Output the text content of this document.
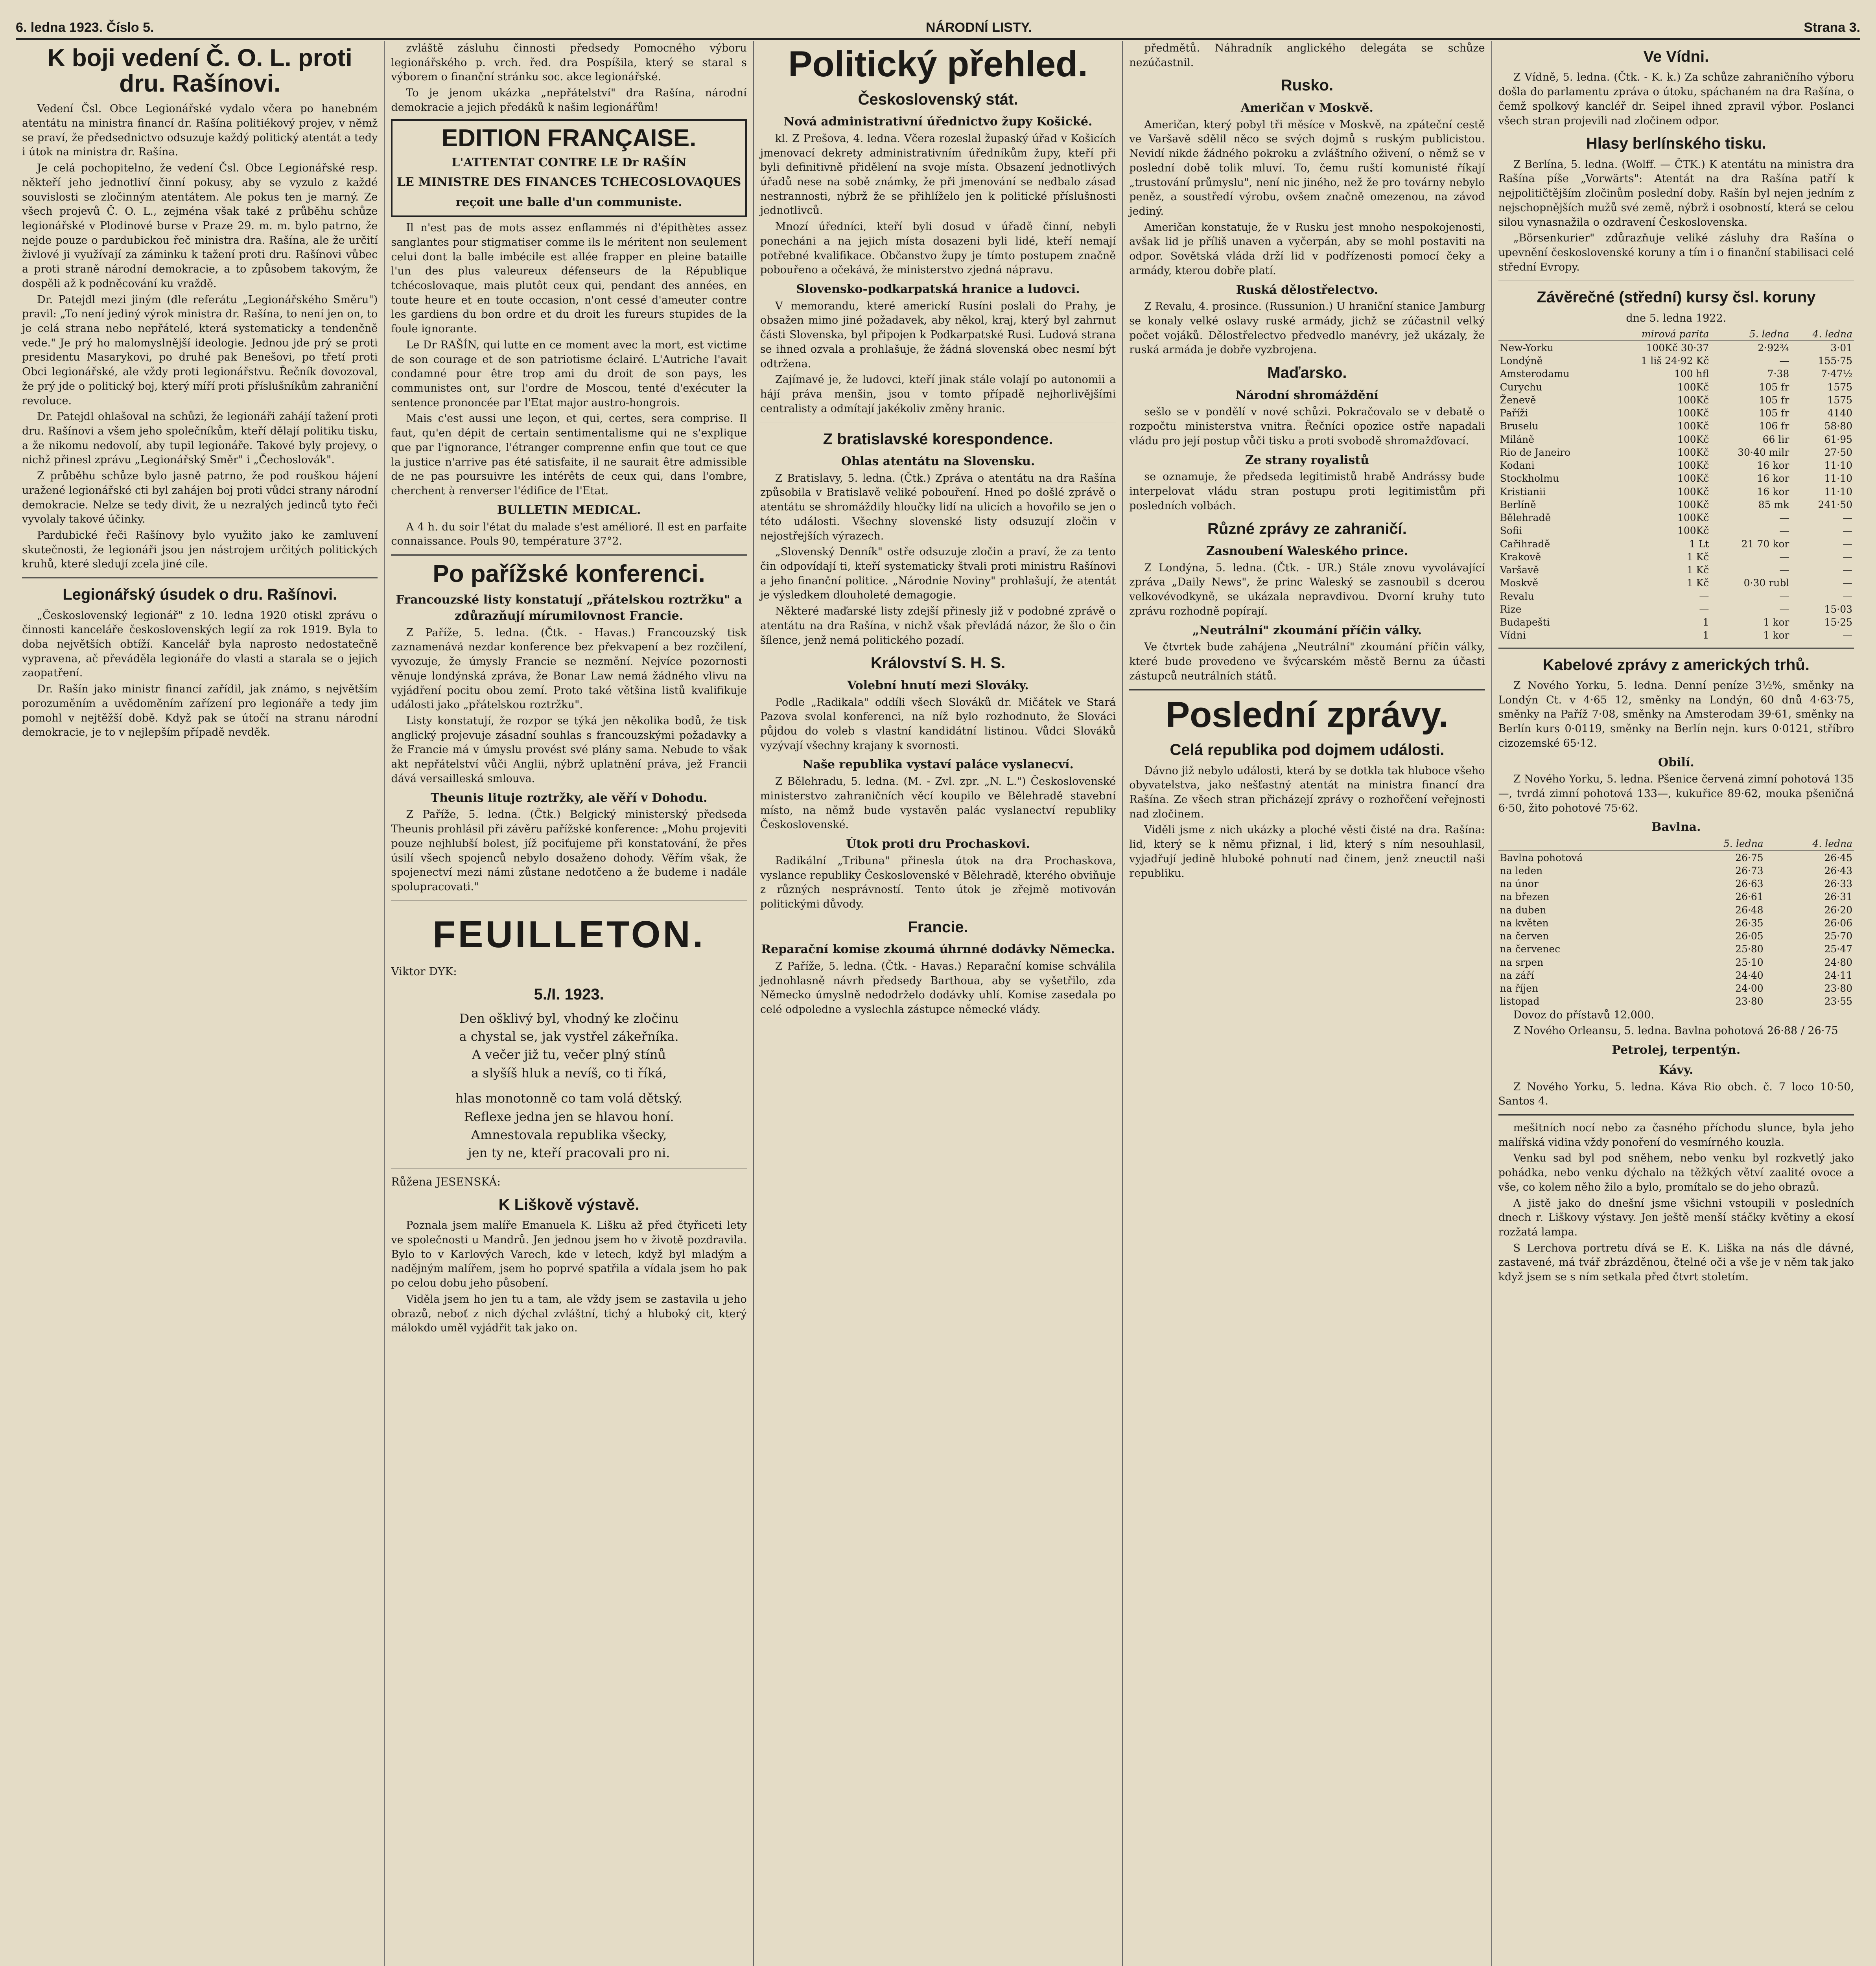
6. ledna 1923. Číslo 5.	NÁRODNÍ LISTY.	Strana 3.
K boji vedení Č. O. L. proti dru. Rašínovi.

Vedení Čsl. Obce Legionářské vydalo včera po hanebném atentátu na ministra financí dr. Rašína politiékový projev, v němž se praví, že předsednictvo odsuzuje každý politický atentát a tedy i útok na ministra dr. Rašína.

Je celá pochopitelno, že vedení Čsl. Obce Legionářské resp. někteří jeho jednotliví činní pokusy, aby se vyzulo z každé souvislosti se zločinným atentátem. Ale pokus ten je marný. Ze všech projevů Č. O. L., zejména však také z průběhu schůze legionářské v Plodinové burse v Praze 29. m. m. bylo patrno, že nejde pouze o pardubickou řeč ministra dra. Rašína, ale že určití živlové ji využívají za záminku k tažení proti dru. Rašínovi vůbec a proti straně národní demokracie, a to způsobem takovým, že dospěli až k podněcování ku vraždě.

Dr. Patejdl mezi jiným (dle referátu „Legionářského Směru") pravil: „To není jediný výrok ministra dr. Rašína, to není jen on, to je celá strana nebo nepřátelé, která systematicky a tendenčně vede." Je prý ho malomyslnější ideologie. Jednou jde prý se proti presidentu Masarykovi, po druhé pak Benešovi, po třetí proti Obci legionářské, ale vždy proti legionářstvu. Řečník dovozoval, že prý jde o politický boj, který míří proti příslušníkům zahraniční revoluce.

Dr. Patejdl ohlašoval na schůzi, že legionáři zahájí tažení proti dru. Rašínovi a všem jeho společníkům, kteří dělají politiku tisku, a že nikomu nedovolí, aby tupil legionáře. Takové byly projevy, o nichž přinesl zprávu „Legionářský Směr" i „Čechoslovák".

Z průběhu schůze bylo jasně patrno, že pod rouškou hájení uražené legionářské cti byl zahájen boj proti vůdci strany národní demokracie. Nelze se tedy divit, že u nezralých jedinců tyto řeči vyvolaly takové účinky.

Pardubické řeči Rašínovy bylo využito jako ke zamluvení skutečnosti, že legionáři jsou jen nástrojem určitých politických kruhů, které sledují zcela jiné cíle.

Legionářský úsudek o dru. Rašínovi.

„Československý legionář" z 10. ledna 1920 otiskl zprávu o činnosti kanceláře československých legií za rok 1919. Byla to doba největších obtíží. Kancelář byla naprosto nedostatečně vypravena, ač převáděla legionáře do vlasti a starala se o jejich zaopatření.

Dr. Rašín jako ministr financí zařídil, jak známo, s největším porozuměním a uvědoměním zařízení pro legionáře a tedy jim pomohl v nejtěžší době. Když pak se útočí na stranu národní demokracie, je to v nejlepším případě nevděk.

zvláště zásluhu činnosti předsedy Pomocného výboru legionářského p. vrch. řed. dra Pospíšila, který se staral s výborem o finanční stránku soc. akce legionářské.

To je jenom ukázka „nepřátelství" dra Rašína, národní demokracie a jejich předáků k našim legionářům!

EDITION FRANÇAISE.
L'ATTENTAT CONTRE LE Dr RAŠÍN
LE MINISTRE DES FINANCES TCHECOSLOVAQUES
reçoit une balle d'un communiste.

Il n'est pas de mots assez enflammés ni d'épithètes assez sanglantes pour stigmatiser comme ils le méritent non seulement celui dont la balle imbécile est allée frapper en pleine bataille l'un des plus valeureux défenseurs de la République tchécoslovaque, mais plutôt ceux qui, pendant des années, en toute heure et en toute occasion, n'ont cessé d'ameuter contre les gardiens du bon ordre et du droit les fureurs stupides de la foule ignorante.

Le Dr RAŠÍN, qui lutte en ce moment avec la mort, est victime de son courage et de son patriotisme éclairé. L'Autriche l'avait condamné pour être trop ami du droit de son pays, les communistes ont, sur l'ordre de Moscou, tenté d'exécuter la sentence prononcée par l'Etat major austro-hongrois.

Mais c'est aussi une leçon, et qui, certes, sera comprise. Il faut, qu'en dépit de certain sentimentalisme qui ne s'explique que par l'ignorance, l'étranger comprenne enfin que tout ce que la justice n'arrive pas été satisfaite, il ne saurait être admissible de ne pas poursuivre les intérêts de ceux qui, dans l'ombre, cherchent à renverser l'édifice de l'Etat.

BULLETIN MEDICAL.

A 4 h. du soir l'état du malade s'est amélioré. Il est en parfaite connaissance. Pouls 90, température 37°2.

Po pařížské konferenci.
Francouzské listy konstatují „přátelskou roztržku" a zdůrazňují mírumilovnost Francie.

Z Paříže, 5. ledna. (Čtk. - Havas.) Francouzský tisk zaznamenává nezdar konference bez překvapení a bez rozčilení, vyvozuje, že úmysly Francie se nezmění. Nejvíce pozornosti věnuje londýnská zpráva, že Bonar Law nemá žádného vlivu na vyjádření pocitu obou zemí. Proto také většina listů kvalifikuje události jako „přátelskou roztržku".

Listy konstatují, že rozpor se týká jen několika bodů, že tisk anglický projevuje zásadní souhlas s francouzskými požadavky a že Francie má v úmyslu provést své plány sama. Nebude to však akt nepřátelství vůči Anglii, nýbrž uplatnění práva, jež Francii dává versailleská smlouva.

Theunis lituje roztržky, ale věří v Dohodu.

Z Paříže, 5. ledna. (Čtk.) Belgický ministerský předseda Theunis prohlásil při závěru pařížské konference: „Mohu projeviti pouze nejhlubší bolest, jíž pociťujeme při konstatování, že přes úsilí všech spojenců nebylo dosaženo dohody. Věřím však, že spojenectví mezi námi zůstane nedotčeno a že budeme i nadále spolupracovati."

FEUILLETON.

Viktor DYK:

5./I. 1923.
Den ošklivý byl, vhodný ke zločinu
a chystal se, jak vystřel zákeřníka.
A večer již tu, večer plný stínů
a slyšíš hluk a nevíš, co ti říká,
hlas monotonně co tam volá dětský.
Reflexe jedna jen se hlavou honí.
Amnestovala republika všecky,
jen ty ne, kteří pracovali pro ni.

Růžena JESENSKÁ:

K Liškově výstavě.

Poznala jsem malíře Emanuela K. Lišku až před čtyřiceti lety ve společnosti u Mandrů. Jen jednou jsem ho v životě pozdravila. Bylo to v Karlových Varech, kde v letech, když byl mladým a nadějným malířem, jsem ho poprvé spatřila a vídala jsem ho pak po celou dobu jeho působení.

Viděla jsem ho jen tu a tam, ale vždy jsem se zastavila u jeho obrazů, neboť z nich dýchal zvláštní, tichý a hluboký cit, který málokdo uměl vyjádřit tak jako on.

Politický přehled.
Československý stát.
Nová administrativní úřednictvo župy Košické.

kl. Z Prešova, 4. ledna. Včera rozeslal župaský úřad v Košicích jmenovací dekrety administrativním úředníkům župy, kteří při byli definitivně přidělení na svoje místa. Obsazení jednotlivých úřadů nese na sobě známky, že při jmenování se nedbalo zásad nestrannosti, nýbrž že se přihlíželo jen k politické příslušnosti jednotlivců.

Mnozí úředníci, kteří byli dosud v úřadě činní, nebyli ponecháni a na jejich místa dosazeni byli lidé, kteří nemají potřebné kvalifikace. Občanstvo župy je tímto postupem značně pobouřeno a očekává, že ministerstvo zjedná nápravu.

Slovensko-podkarpatská hranice a ludovci.

V memorandu, které americkí Rusíni poslali do Prahy, je obsažen mimo jiné požadavek, aby někol, kraj, který byl zahrnut části Slovenska, byl připojen k Podkarpatské Rusi. Ludová strana se ihned ozvala a prohlašuje, že žádná slovenská obec nesmí být odtržena.

Zajímavé je, že ludovci, kteří jinak stále volají po autonomii a hájí práva menšin, jsou v tomto případě nejhorlivějšími centralisty a odmítají jakékoliv změny hranic.

Z bratislavské korespondence.
Ohlas atentátu na Slovensku.

Z Bratislavy, 5. ledna. (Čtk.) Zpráva o atentátu na dra Rašína způsobila v Bratislavě veliké pobouření. Hned po došlé zprávě o atentátu se shromáždily hloučky lidí na ulicích a hovořilo se jen o této události. Všechny slovenské listy odsuzují zločin v nejostřejších výrazech.

„Slovenský Denník" ostře odsuzuje zločin a praví, že za tento čin odpovídají ti, kteří systematicky štvali proti ministru Rašínovi a jeho finanční politice. „Národnie Noviny" prohlašují, že atentát je výsledkem dlouholeté demagogie.

Některé maďarské listy zdejší přinesly již v podobné zprávě o atentátu na dra Rašína, v nichž však převládá názor, že šlo o čin šílence, jenž nemá politického pozadí.

Království S. H. S.
Volební hnutí mezi Slováky.

Podle „Radikala" oddíli všech Slováků dr. Mičátek ve Stará Pazova svolal konferenci, na níž bylo rozhodnuto, že Slováci půjdou do voleb s vlastní kandidátní listinou. Vůdci Slováků vyzývají všechny krajany k svornosti.

Naše republika vystaví paláce vyslanecví.

Z Bělehradu, 5. ledna. (M. - Zvl. zpr. „N. L.") Československé ministerstvo zahraničních věcí koupilo ve Bělehradě stavební místo, na němž bude vystavěn palác vyslanectví republiky Československé.

Útok proti dru Prochaskovi.

Radikální „Tribuna" přinesla útok na dra Prochaskova, vyslance republiky Československé v Bělehradě, kterého obviňuje z různých nesprávností. Tento útok je zřejmě motivován politickými důvody.

Francie.
Reparační komise zkoumá úhrnné dodávky Německa.

Z Paříže, 5. ledna. (Čtk. - Havas.) Reparační komise schválila jednohlasně návrh předsedy Barthoua, aby se vyšetřilo, zda Německo úmyslně nedodrželo dodávky uhlí. Komise zasedala po celé odpoledne a vyslechla zástupce německé vlády.

předmětů. Náhradník anglického delegáta se schůze nezúčastnil.

Rusko.
Američan v Moskvě.

Američan, který pobyl tři měsíce v Moskvě, na zpáteční cestě ve Varšavě sdělil něco se svých dojmů s ruským publicistou. Nevidí nikde žádného pokroku a zvláštního oživení, o němž se v poslední době tolik mluví. To, čemu ruští komunisté říkají „trustování průmyslu", není nic jiného, než že pro továrny nebylo peněz, a soustředí výrobu, ovšem značně omezenou, na závod jediný.

Američan konstatuje, že v Rusku jest mnoho nespokojenosti, avšak lid je příliš unaven a vyčerpán, aby se mohl postaviti na odpor. Sovětská vláda drží lid v podřízenosti pomocí čeky a armády, kterou dobře platí.

Ruská dělostřelectvo.

Z Revalu, 4. prosince. (Russunion.) U hraniční stanice Jamburg se konaly velké oslavy ruské armády, jichž se zúčastnil velký počet vojáků. Dělostřelectvo předvedlo manévry, jež ukázaly, že ruská armáda je dobře vyzbrojena.

Maďarsko.
Národní shromáždění

sešlo se v pondělí v nové schůzi. Pokračovalo se v debatě o rozpočtu ministerstva vnitra. Řečníci opozice ostře napadali vládu pro její postup vůči tisku a proti svobodě shromažďovací.

Ze strany royalistů

se oznamuje, že předseda legitimistů hrabě Andrássy bude interpelovat vládu stran postupu proti legitimistům při posledních volbách.

Různé zprávy ze zahraničí.
Zasnoubení Waleského prince.

Z Londýna, 5. ledna. (Čtk. - UR.) Stále znovu vyvolávající zpráva „Daily News", že princ Waleský se zasnoubil s dcerou velkovévodkyně, se ukázala nepravdivou. Dvorní kruhy tuto zprávu rozhodně popírají.

„Neutrální" zkoumání příčin války.

Ve čtvrtek bude zahájena „Neutrální" zkoumání příčin války, které bude provedeno ve švýcarském městě Bernu za účasti zástupců neutrálních států.

Poslední zprávy.
Celá republika pod dojmem události.

Dávno již nebylo události, která by se dotkla tak hluboce všeho obyvatelstva, jako nešťastný atentát na ministra financí dra Rašína. Ze všech stran přicházejí zprávy o rozhořčení veřejnosti nad zločinem.

Viděli jsme z nich ukázky a ploché věsti čisté na dra. Rašína: lid, který se k němu přiznal, i lid, který s ním nesouhlasil, vyjadřují jedině hluboké pohnutí nad činem, jenž zneuctil naši republiku.

Ve Vídni.

Z Vídně, 5. ledna. (Čtk. - K. k.) Za schůze zahraničního výboru došla do parlamentu zpráva o útoku, spáchaném na dra Rašína, o čemž spolkový kancléř dr. Seipel ihned zpravil výbor. Poslanci všech stran projevili nad zločinem odpor.

Hlasy berlínského tisku.

Z Berlína, 5. ledna. (Wolff. — ČTK.) K atentátu na ministra dra Rašína píše „Vorwärts": Atentát na dra Rašína patří k nejpolitičtějším zločinům poslední doby. Rašín byl nejen jedním z nejschopnějších mužů své země, nýbrž i osobností, která se celou silou vynasnažila o ozdravení Československa.

„Börsenkurier" zdůrazňuje veliké zásluhy dra Rašína o upevnění československé koruny a tím i o finanční stabilisaci celé střední Evropy.

Závěrečné (střední) kursy čsl. koruny

dne 5. ledna 1922.

	mirová parita	5. ledna	4. ledna
New-Yorku	100Kč 30·37	2·92¾	3·01
Londýně	1 liš 24·92 Kč	—	155·75
Amsterodamu	100 hfl	7·38	7·47½
Curychu	100Kč	105 fr	1575
Ženevě	100Kč	105 fr	1575
Paříži	100Kč	105 fr	4140
Bruselu	100Kč	106 fr	58·80
Miláně	100Kč	66 lir	61·95
Rio de Janeiro	100Kč	30·40 milr	27·50
Kodani	100Kč	16 kor	11·10
Stockholmu	100Kč	16 kor	11·10
Kristianii	100Kč	16 kor	11·10
Berlíně	100Kč	85 mk	241·50
Bělehradě	100Kč	—	—
Sofii	100Kč	—	—
Cařihradě	1 Lt	21 70 kor	—
Krakově	1 Kč	—	—
Varšavě	1 Kč	—	—
Moskvě	1 Kč	0·30 rubl	—
Revalu	—	—	—
Rize	—	—	15·03
Budapešti	1	1 kor	15·25
Vídni	1	1 kor	—
Kabelové zprávy z amerických trhů.

Z Nového Yorku, 5. ledna. Denní peníze 3½%, směnky na Londýn Ct. v 4·65 12, směnky na Londýn, 60 dnů 4·63·75, směnky na Paříž 7·08, směnky na Amsterodam 39·61, směnky na Berlín kurs 0·0119, směnky na Berlín nejn. kurs 0·0121, stříbro cizozemské 65·12.

Obilí.

Z Nového Yorku, 5. ledna. Pšenice červená zimní pohotová 135—, tvrdá zimní pohotová 133—, kukuřice 89·62, mouka pšeničná 6·50, žito pohotové 75·62.

Bavlna.
	5. ledna	4. ledna
Bavlna pohotová	26·75	26·45
na leden	26·73	26·43
na únor	26·63	26·33
na březen	26·61	26·31
na duben	26·48	26·20
na květen	26·35	26·06
na červen	26·05	25·70
na červenec	25·80	25·47
na srpen	25·10	24·80
na září	24·40	24·11
na říjen	24·00	23·80
listopad	23·80	23·55

Dovoz do přístavů 12.000.

Z Nového Orleansu, 5. ledna. Bavlna pohotová 26·88 / 26·75

Petrolej, terpentýn.
Kávy.

Z Nového Yorku, 5. ledna. Káva Rio obch. č. 7 loco 10·50, Santos 4.

mešitních nocí nebo za časného příchodu slunce, byla jeho malířská vidina vždy ponoření do vesmírného kouzla.

Venku sad byl pod sněhem, nebo venku byl rozkvetlý jako pohádka, nebo venku dýchalo na těžkých větví zaalité ovoce a vše, co kolem něho žilo a bylo, promítalo se do jeho obrazů.

A jistě jako do dnešní jsme všichni vstoupili v posledních dnech r. Liškovy výstavy. Jen ještě menší stáčky květiny a ekosí rozžatá lampa.

S Lerchova portretu dívá se E. K. Liška na nás dle dávné, zastavené, má tvář zbrázděnou, čtelné oči a vše je v něm tak jako když jsem se s ním setkala před čtvrt stoletím.
